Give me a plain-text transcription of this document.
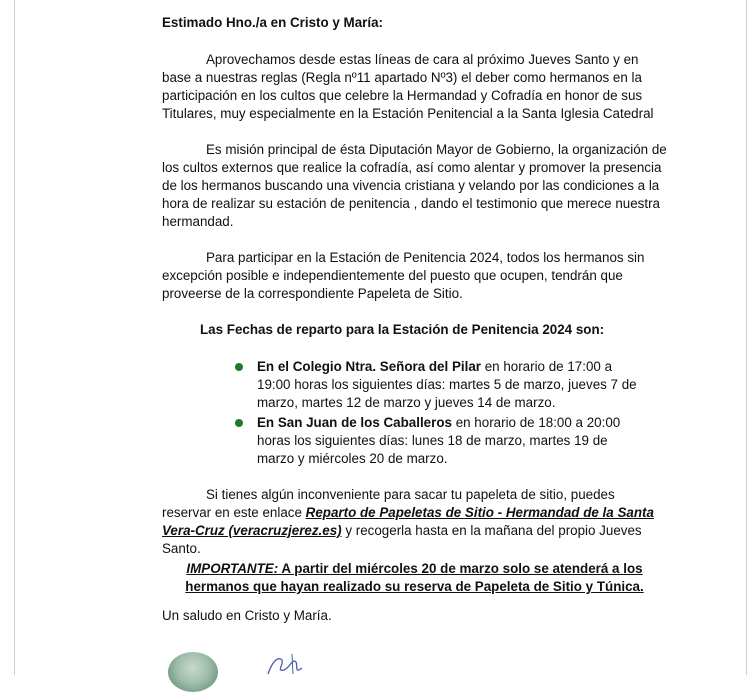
Estimado Hno./a en Cristo y María:

Aprovechamos desde estas líneas de cara al próximo Jueves Santo y en base a nuestras reglas (Regla nº11 apartado Nº3) el deber como hermanos en la participación en los cultos que celebre la Hermandad y Cofradía en honor de sus Titulares, muy especialmente en la Estación Penitencial a la Santa Iglesia Catedral

Es misión principal de ésta Diputación Mayor de Gobierno, la organización de los cultos externos que realice la cofradía, así como alentar y promover la presencia de los hermanos buscando una vivencia cristiana y velando por las condiciones a la hora de realizar su estación de penitencia , dando el testimonio que merece nuestra hermandad.

Para participar en la Estación de Penitencia 2024, todos los hermanos sin excepción posible e independientemente del puesto que ocupen, tendrán que proveerse de la correspondiente Papeleta de Sitio.

Las Fechas de reparto para la Estación de Penitencia 2024 son:

En el Colegio Ntra. Señora del Pilar en horario de 17:00 a 19:00 horas los siguientes días: martes 5 de marzo, jueves 7 de marzo, martes 12 de marzo y jueves 14 de marzo.
En San Juan de los Caballeros en horario de 18:00 a 20:00 horas los siguientes días: lunes 18 de marzo, martes 19 de marzo y miércoles 20 de marzo.

Si tienes algún inconveniente para sacar tu papeleta de sitio, puedes reservar en este enlace Reparto de Papeletas de Sitio - Hermandad de la Santa Vera-Cruz (veracruzjerez.es) y recogerla hasta en la mañana del propio Jueves Santo.

IMPORTANTE: A partir del miércoles 20 de marzo solo se atenderá a los hermanos que hayan realizado su reserva de Papeleta de Sitio y Túnica.

Un saludo en Cristo y María.
